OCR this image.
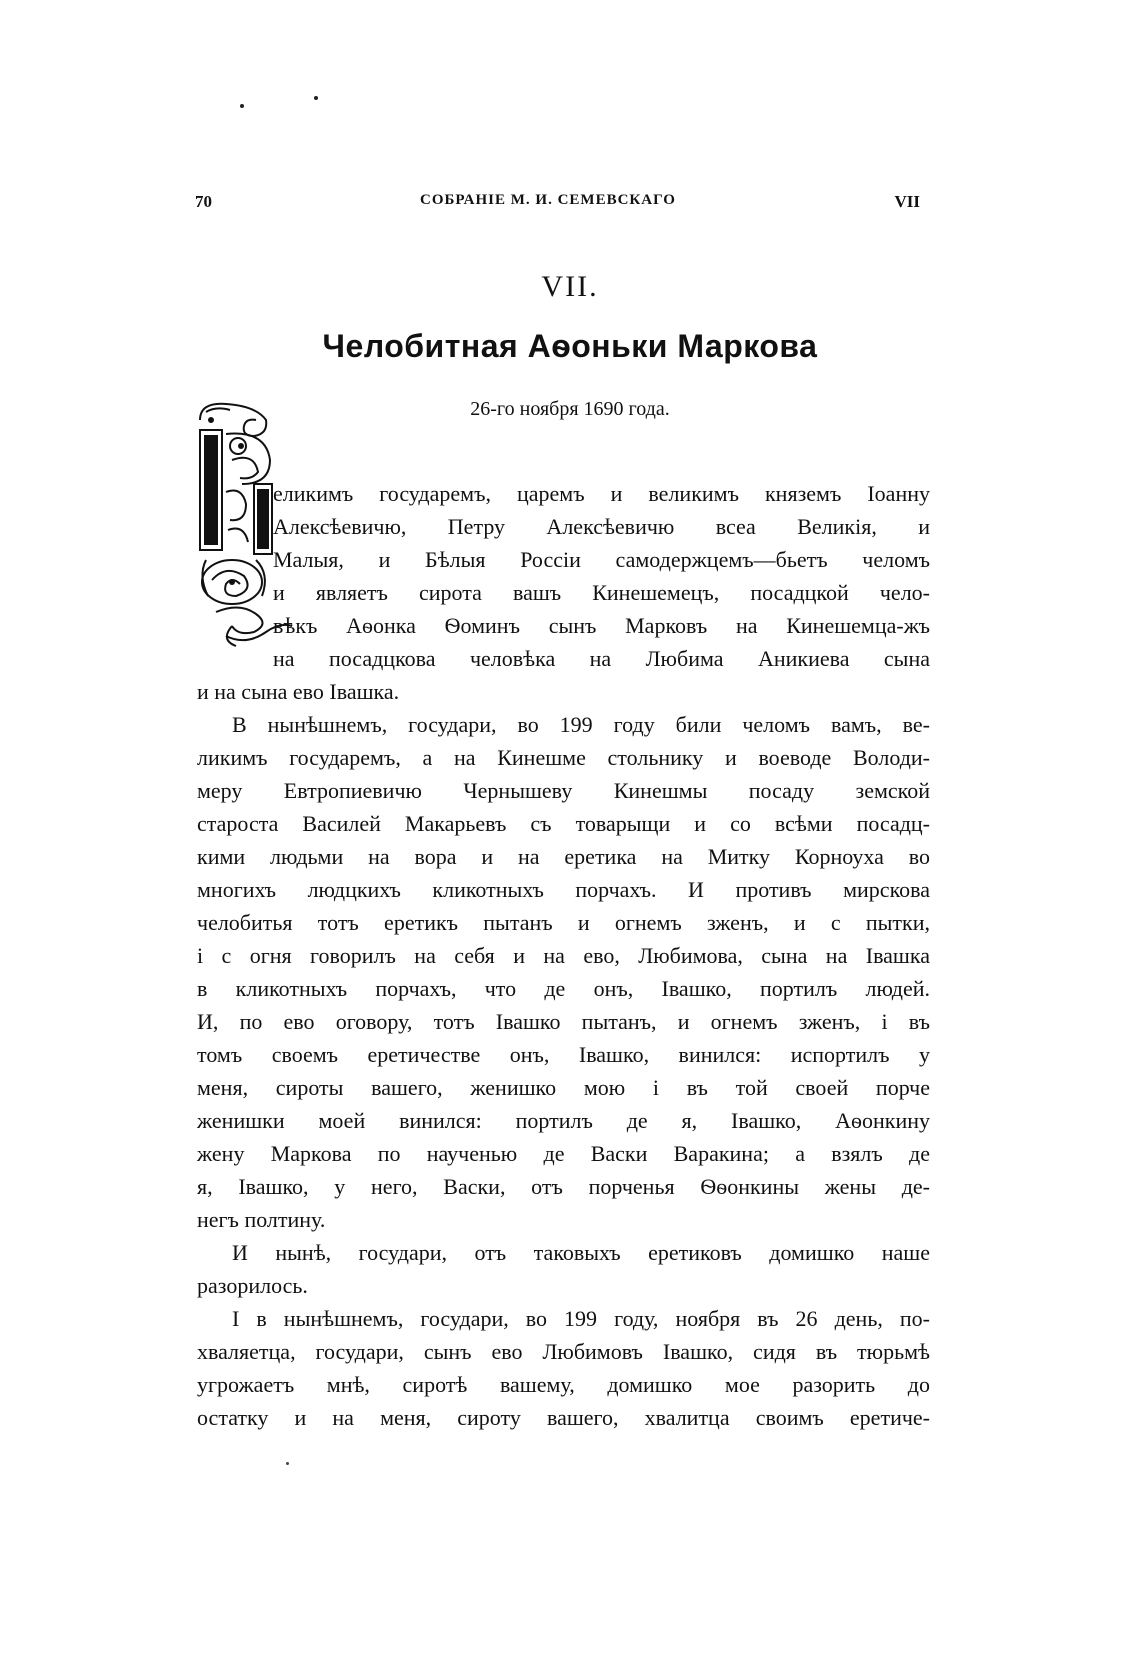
70	СОБРАНIЕ М. И. СЕМЕВСКАГО	VII
VII.
Челобитная Аѳоньки Маркова
26-го ноября 1690 года.

еликимъ государемъ, царемъ и великимъ княземъ Iоанну
Алексѣевичю, Петру Алексѣевичю всеа Великiя, и
Малыя, и Бѣлыя Россiи самодержцемъ—бьетъ челомъ
и являетъ сирота вашъ Кинешемецъ, посадцкой чело-
вѣкъ Аѳонка Ѳоминъ сынъ Марковъ на Кинешемца-жъ
на посадцкова человѣка на Любима Аникиева сына
и на сына ево Iвашка.

В нынѣшнемъ, государи, во 199 году били челомъ вамъ, ве-
ликимъ государемъ, а на Кинешме стольнику и воеводе Володи-
меру Евтропиевичю Чернышеву Кинешмы посаду земской
староста Василей Макарьевъ съ товарыщи и со всѣми посадц-
кими людьми на вора и на еретика на Митку Корноуха во
многихъ людцкихъ кликотныхъ порчахъ. И противъ мирскова
челобитья тотъ еретикъ пытанъ и огнемъ зженъ, и с пытки,
i с огня говорилъ на себя и на ево, Любимова, сына на Iвашка
в кликотныхъ порчахъ, что де онъ, Iвашко, портилъ людей.
И, по ево оговору, тотъ Iвашко пытанъ, и огнемъ зженъ, i въ
томъ своемъ еретичестве онъ, Iвашко, винился: испортилъ у
меня, сироты вашего, женишко мою i въ той своей порче
женишки моей винился: портилъ де я, Iвашко, Аѳонкину
жену Маркова по наученью де Васки Варакина; а взялъ де
я, Iвашко, у него, Васки, отъ порченья Ѳѳонкины жены де-
негъ полтину.

И нынѣ, государи, отъ таковыхъ еретиковъ домишко наше
разорилось.

I в нынѣшнемъ, государи, во 199 году, ноября въ 26 день, по-
хваляетца, государи, сынъ ево Любимовъ Iвашко, сидя въ тюрьмѣ
угрожаетъ мнѣ, сиротѣ вашему, домишко мое разорить до
остатку и на меня, сироту вашего, хвалитца своимъ еретиче-
